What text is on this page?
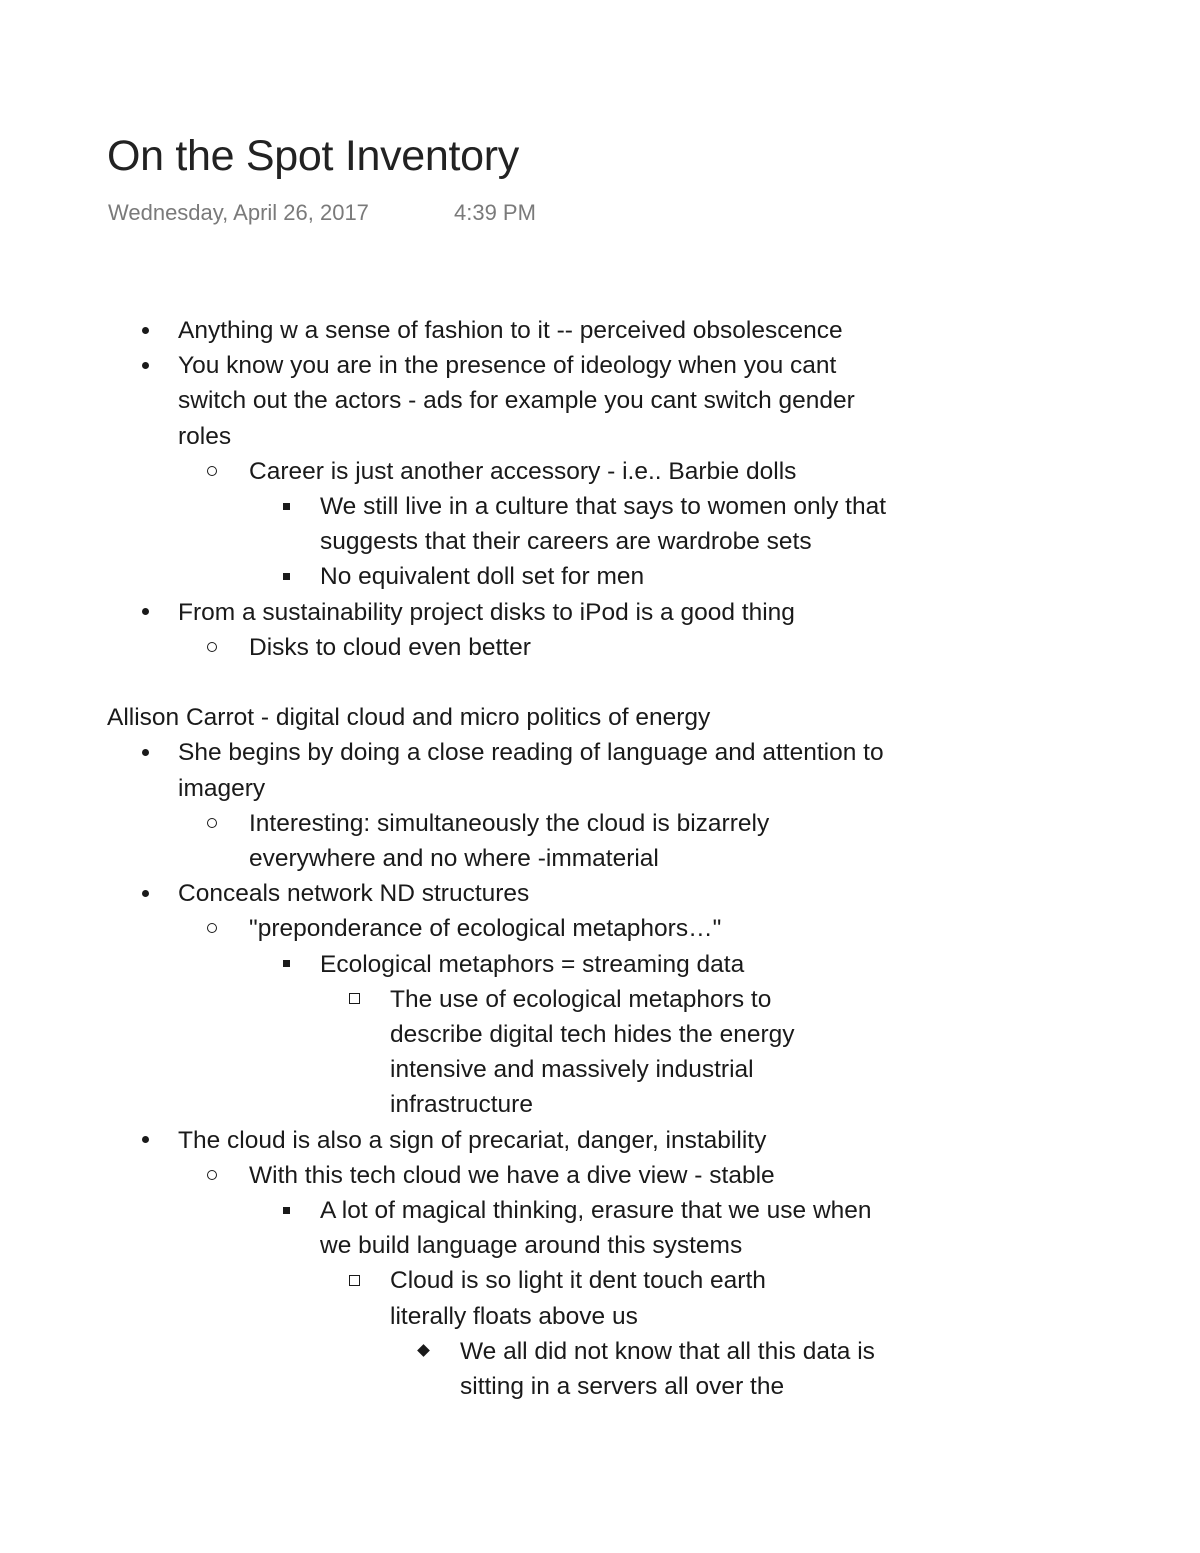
On the Spot Inventory
Wednesday, April 26, 2017	4:39 PM
Anything w a sense of fashion to it -- perceived obsolescence
You know you are in the presence of ideology when you cant switch out the actors - ads for example you cant switch gender roles
Career is just another accessory - i.e.. Barbie dolls
We still live in a culture that says to women only that suggests that their careers are wardrobe sets
No equivalent doll set for men
From a sustainability project disks to iPod is a good thing
Disks to cloud even better
Allison Carrot - digital cloud and micro politics of energy
She begins by doing a close reading of language and attention to imagery
Interesting: simultaneously the cloud is bizarrely everywhere and no where -immaterial
Conceals network ND structures
"preponderance of ecological metaphors…"
Ecological metaphors = streaming data
The use of ecological metaphors to describe digital tech hides the energy intensive and massively industrial infrastructure
The cloud is also a sign of precariat, danger, instability
With this tech cloud we have a dive view - stable
A lot of magical thinking, erasure that we use when we build language around this systems
Cloud is so light it dent touch earth literally floats above us
We all did not know that all this data is sitting in a servers all over the
